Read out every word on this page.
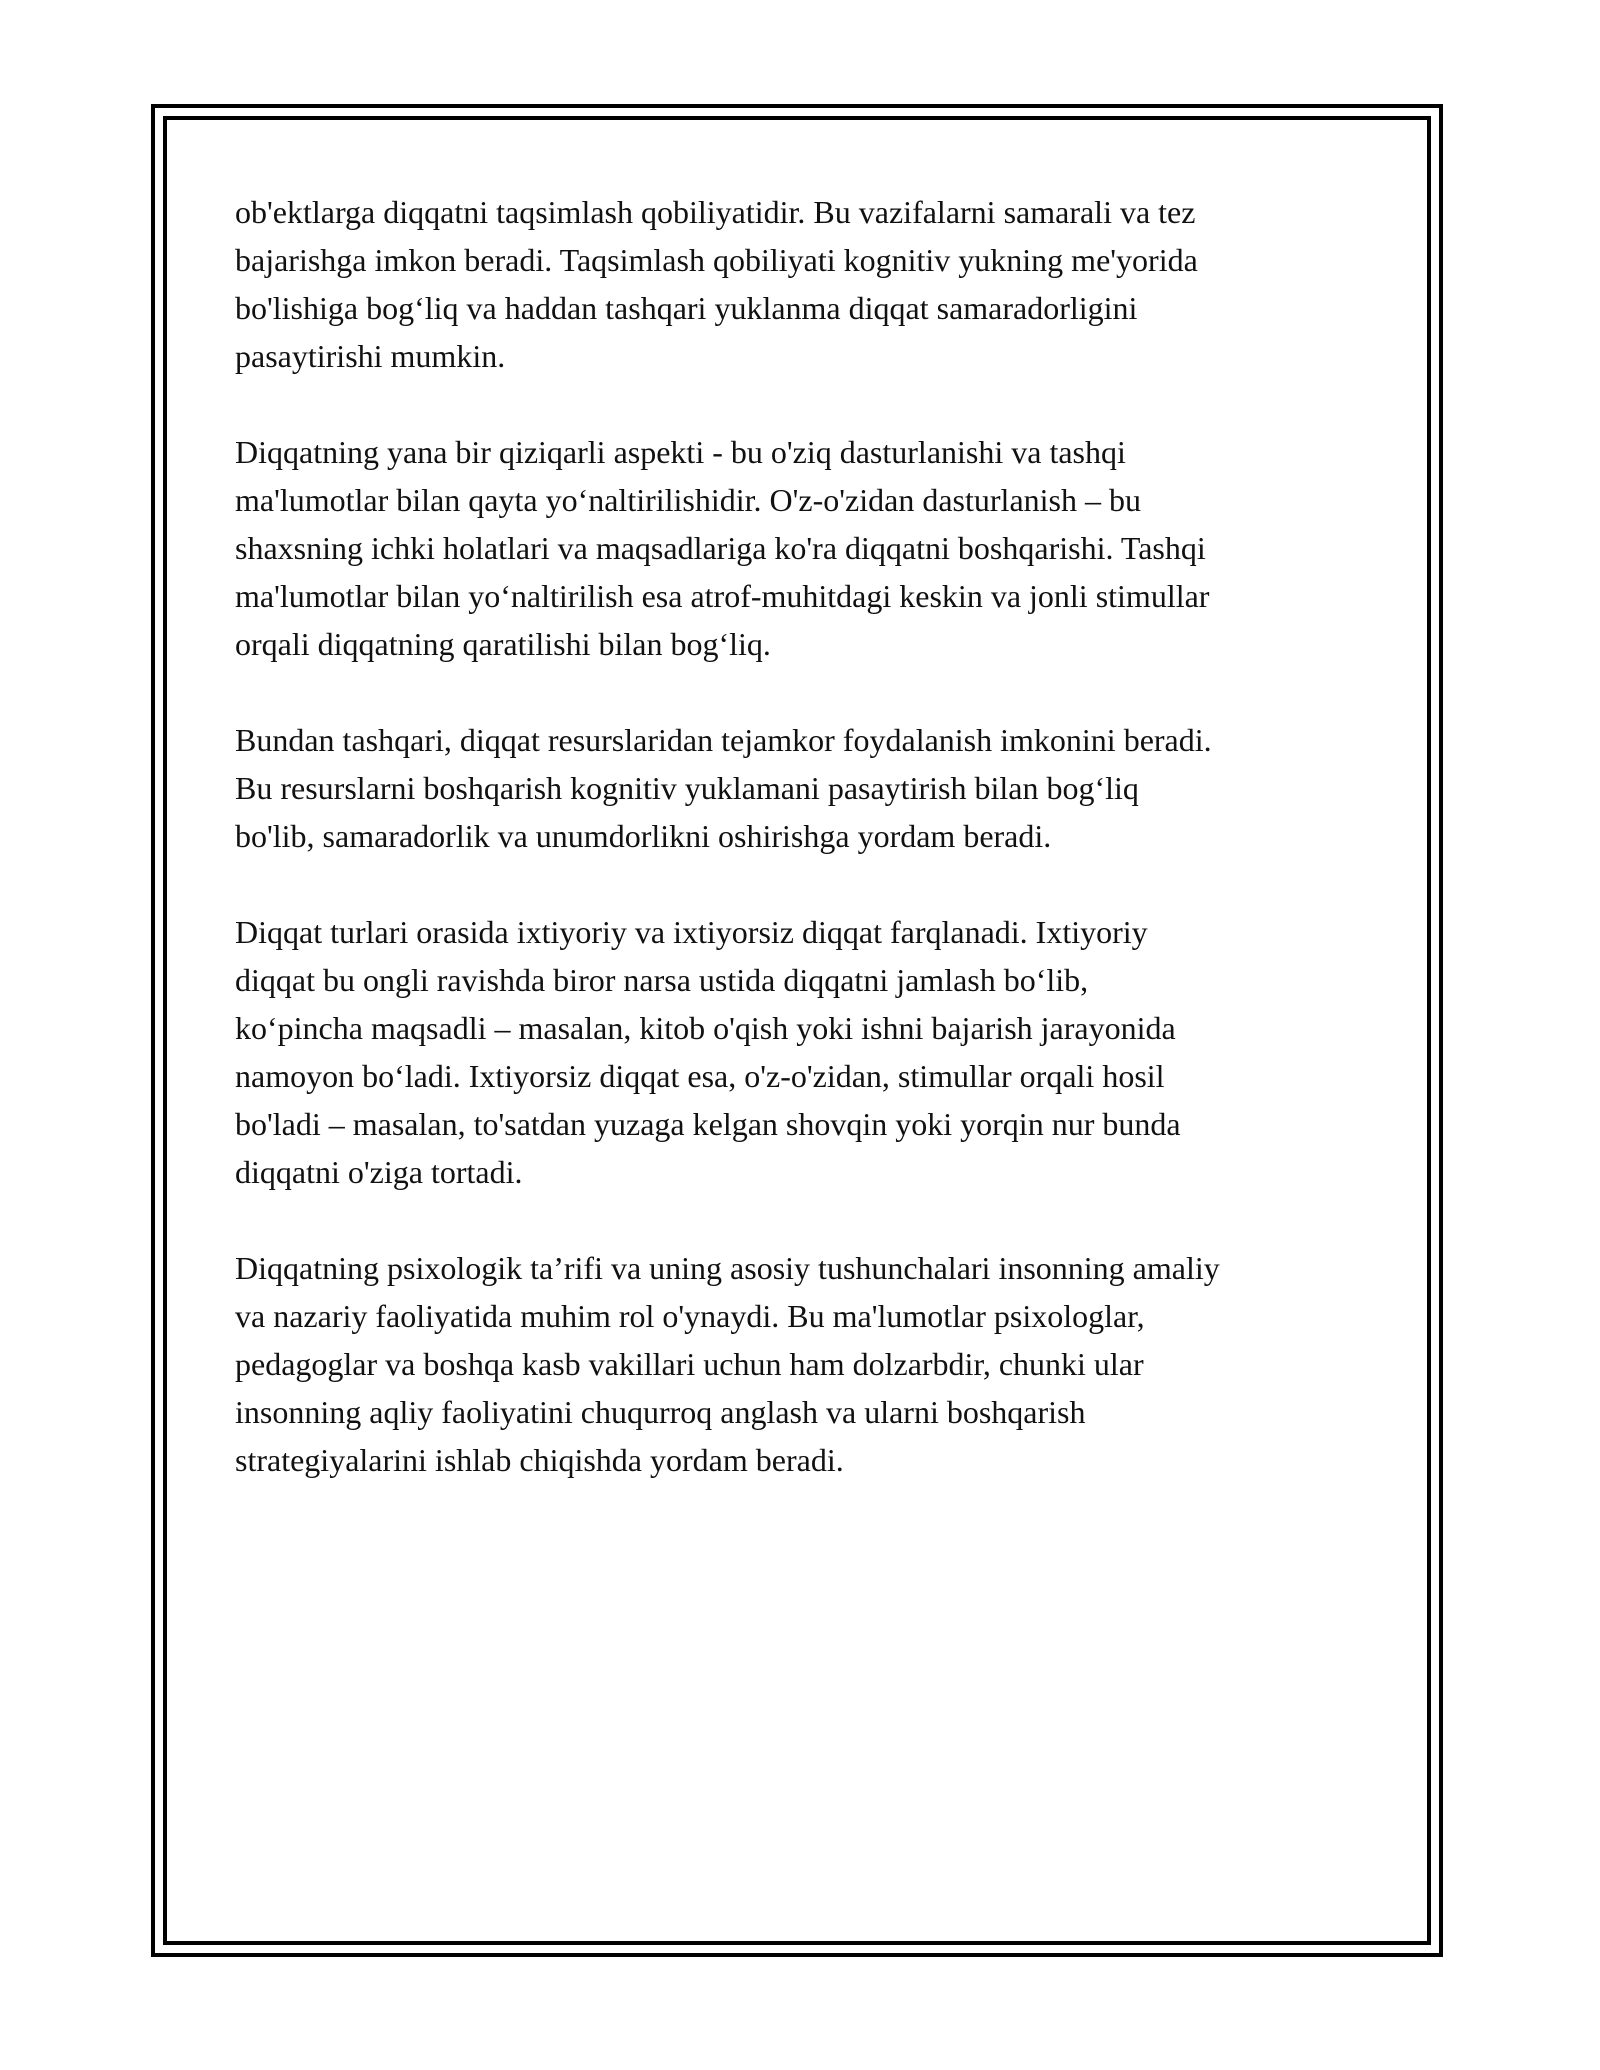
ob'ektlarga diqqatni taqsimlash qobiliyatidir. Bu vazifalarni samarali va tez
bajarishga imkon beradi. Taqsimlash qobiliyati kognitiv yukning me'yorida
bo'lishiga bog‘liq va haddan tashqari yuklanma diqqat samaradorligini
pasaytirishi mumkin.

Diqqatning yana bir qiziqarli aspekti - bu o'ziq dasturlanishi va tashqi
ma'lumotlar bilan qayta yo‘naltirilishidir. O'z-o'zidan dasturlanish – bu
shaxsning ichki holatlari va maqsadlariga ko'ra diqqatni boshqarishi. Tashqi
ma'lumotlar bilan yo‘naltirilish esa atrof-muhitdagi keskin va jonli stimullar
orqali diqqatning qaratilishi bilan bog‘liq.

Bundan tashqari, diqqat resurslaridan tejamkor foydalanish imkonini beradi.
Bu resurslarni boshqarish kognitiv yuklamani pasaytirish bilan bog‘liq
bo'lib, samaradorlik va unumdorlikni oshirishga yordam beradi.

Diqqat turlari orasida ixtiyoriy va ixtiyorsiz diqqat farqlanadi. Ixtiyoriy
diqqat bu ongli ravishda biror narsa ustida diqqatni jamlash bo‘lib,
ko‘pincha maqsadli – masalan, kitob o'qish yoki ishni bajarish jarayonida
namoyon bo‘ladi. Ixtiyorsiz diqqat esa, o'z-o'zidan, stimullar orqali hosil
bo'ladi – masalan, to'satdan yuzaga kelgan shovqin yoki yorqin nur bunda
diqqatni o'ziga tortadi.

Diqqatning psixologik ta’rifi va uning asosiy tushunchalari insonning amaliy
va nazariy faoliyatida muhim rol o'ynaydi. Bu ma'lumotlar psixologlar,
pedagoglar va boshqa kasb vakillari uchun ham dolzarbdir, chunki ular
insonning aqliy faoliyatini chuqurroq anglash va ularni boshqarish
strategiyalarini ishlab chiqishda yordam beradi.
